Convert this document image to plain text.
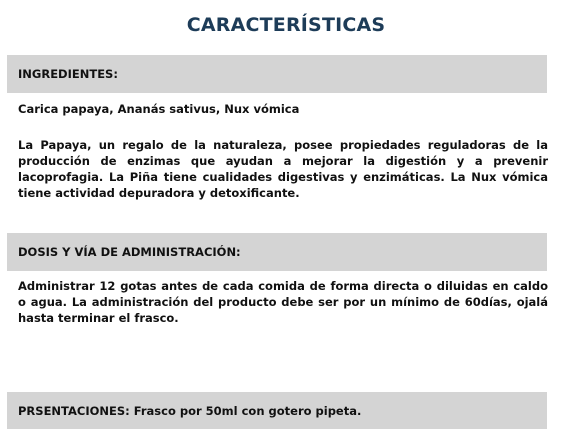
CARACTERÍSTICAS
INGREDIENTES:

Carica papaya, Ananás sativus, Nux vómica

La Papaya, un regalo de la naturaleza, posee propiedades reguladoras de la producción de enzimas que ayudan a mejorar la digestión y a prevenir lacoprofagia. La Piña tiene cualidades digestivas y enzimáticas. La Nux vómica tiene actividad depuradora y detoxificante.

DOSIS Y VÍA DE ADMINISTRACIÓN:

Administrar 12 gotas antes de cada comida de forma directa o diluidas en caldo o agua. La administración del producto debe ser por un mínimo de 60días, ojalá hasta terminar el frasco.

PRSENTACIONES: Frasco por 50ml con gotero pipeta.
